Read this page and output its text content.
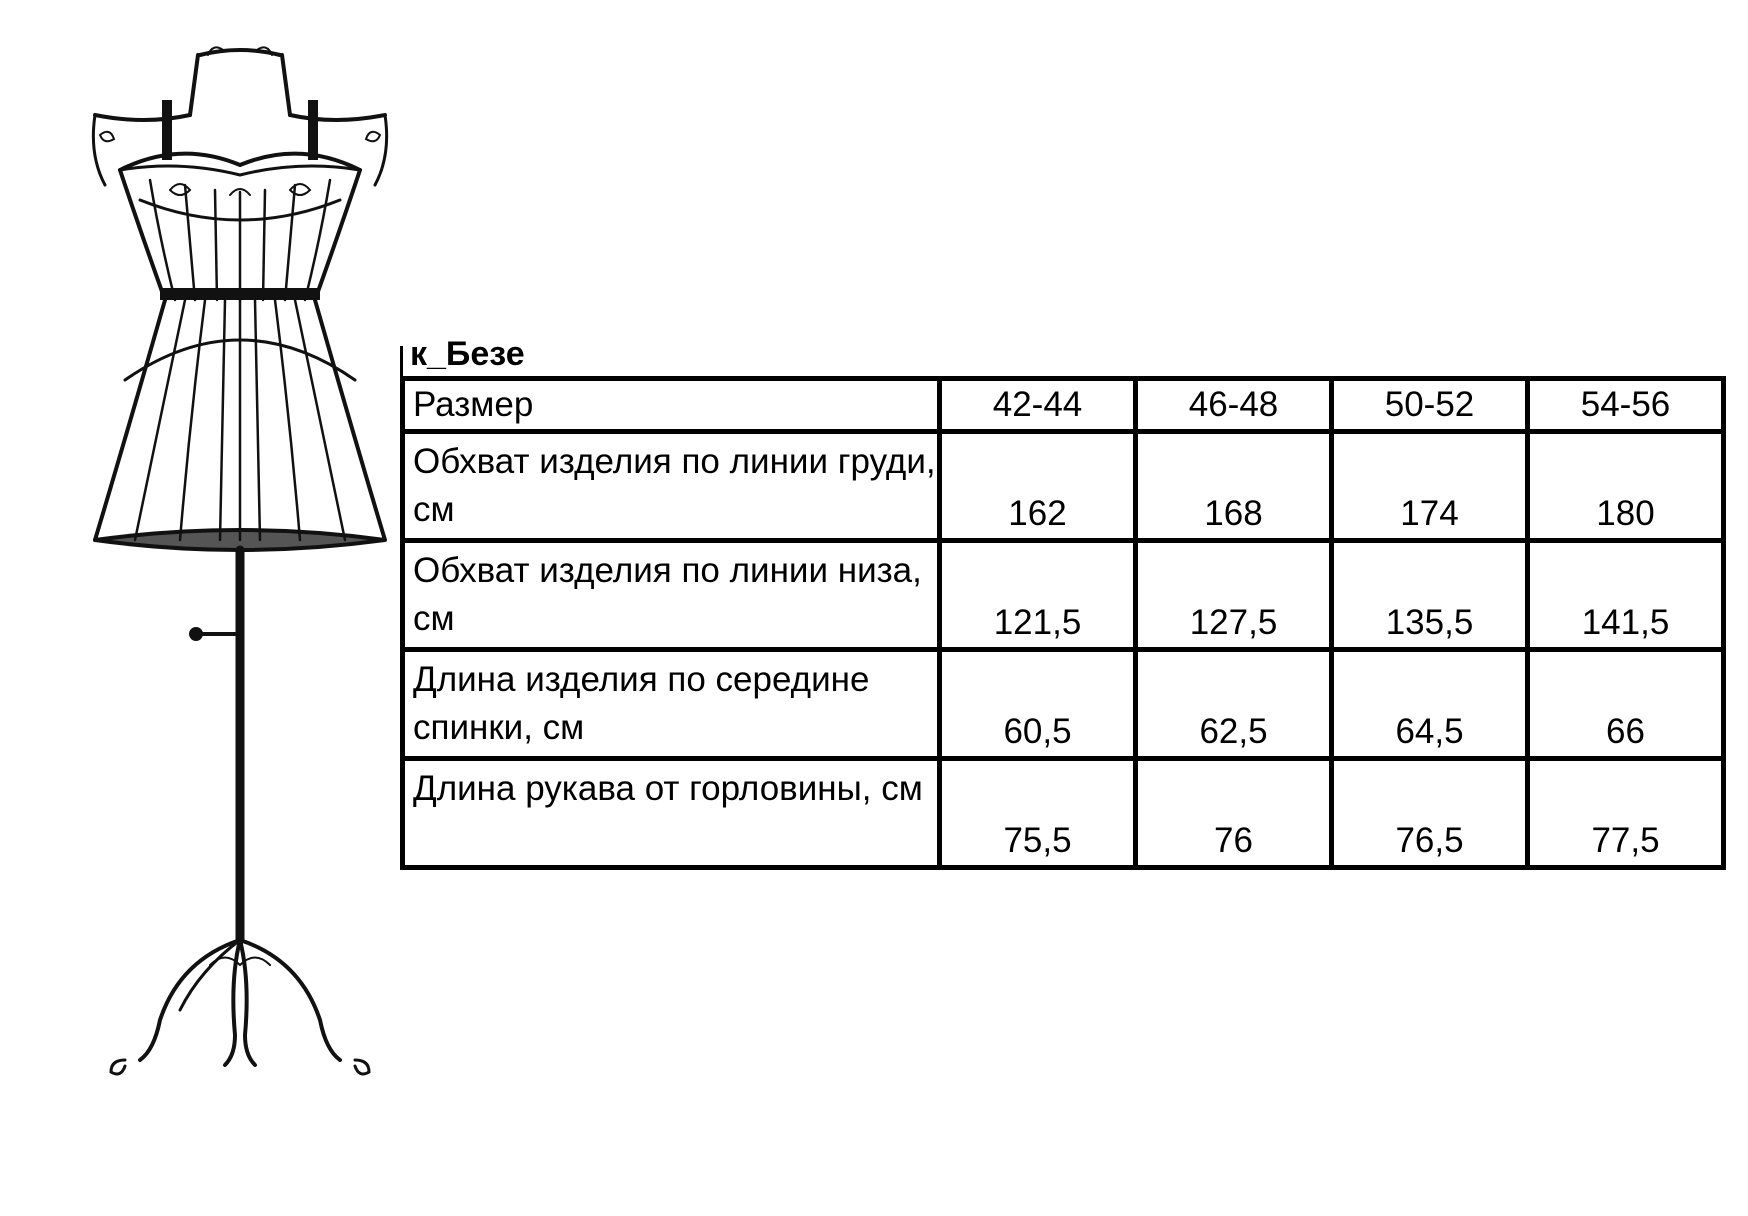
к_Безе
Размер	42-44	46-48	50-52	54-56
Обхват изделия по линии груди, см	162	168	174	180
Обхват изделия по линии низа, см	121,5	127,5	135,5	141,5
Длина изделия по середине спинки, см	60,5	62,5	64,5	66
Длина рукава от горловины, см	75,5	76	76,5	77,5
